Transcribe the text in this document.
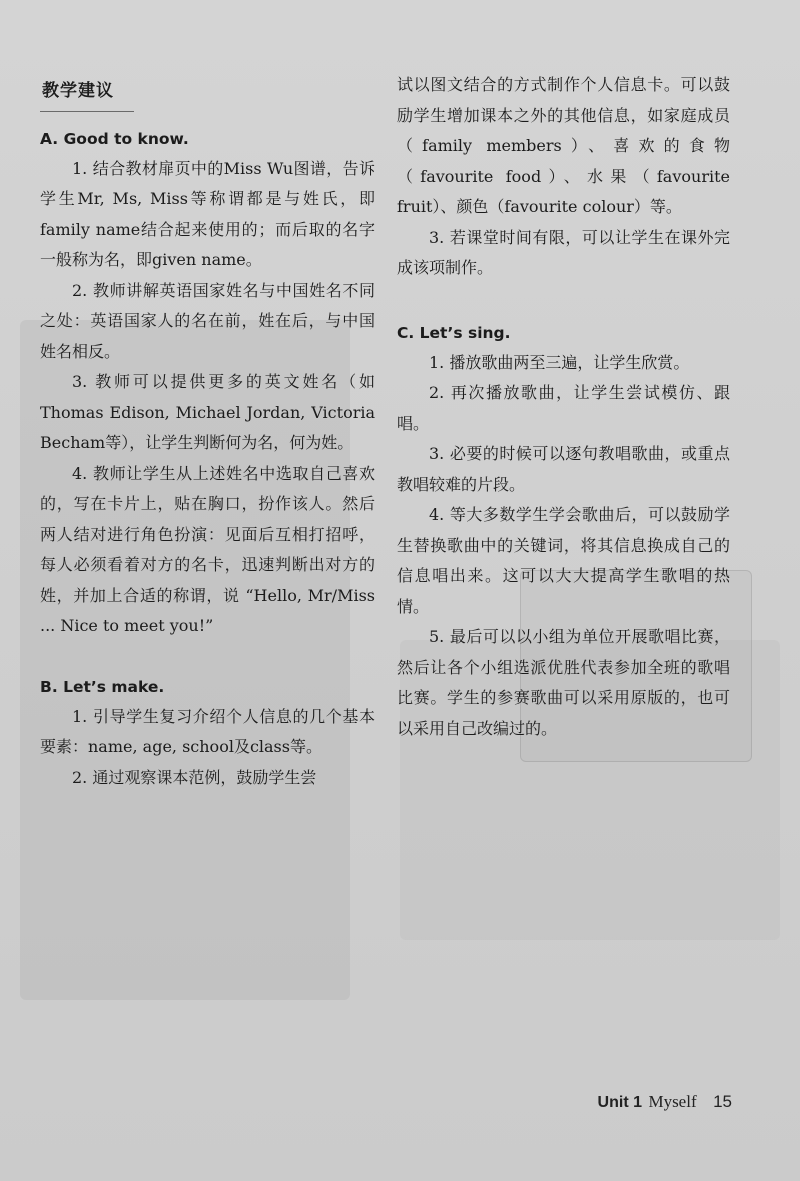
教学建议
A. Good to know.

1. 结合教材扉页中的Miss Wu图谱，告诉学生Mr, Ms, Miss等称谓都是与姓氏，即family name结合起来使用的；而后取的名字一般称为名，即given name。

2. 教师讲解英语国家姓名与中国姓名不同之处：英语国家人的名在前，姓在后，与中国姓名相反。

3. 教师可以提供更多的英文姓名（如Thomas Edison, Michael Jordan, Victoria Becham等），让学生判断何为名，何为姓。

4. 教师让学生从上述姓名中选取自己喜欢的，写在卡片上，贴在胸口，扮作该人。然后两人结对进行角色扮演：见面后互相打招呼，每人必须看着对方的名卡，迅速判断出对方的姓，并加上合适的称谓，说 “Hello, Mr/Miss ... Nice to meet you!”

B. Let’s make.

1. 引导学生复习介绍个人信息的几个基本要素：name, age, school及class等。

2. 通过观察课本范例，鼓励学生尝

试以图文结合的方式制作个人信息卡。可以鼓励学生增加课本之外的其他信息，如家庭成员（family members）、喜欢的食物（favourite food）、水果（favourite fruit）、颜色（favourite colour）等。

3. 若课堂时间有限，可以让学生在课外完成该项制作。

C. Let’s sing.

1. 播放歌曲两至三遍，让学生欣赏。

2. 再次播放歌曲，让学生尝试模仿、跟唱。

3. 必要的时候可以逐句教唱歌曲，或重点教唱较难的片段。

4. 等大多数学生学会歌曲后，可以鼓励学生替换歌曲中的关键词，将其信息换成自己的信息唱出来。这可以大大提高学生歌唱的热情。

5. 最后可以以小组为单位开展歌唱比赛，然后让各个小组选派优胜代表参加全班的歌唱比赛。学生的参赛歌曲可以采用原版的，也可以采用自己改编过的。

Unit 1 Myself 15
